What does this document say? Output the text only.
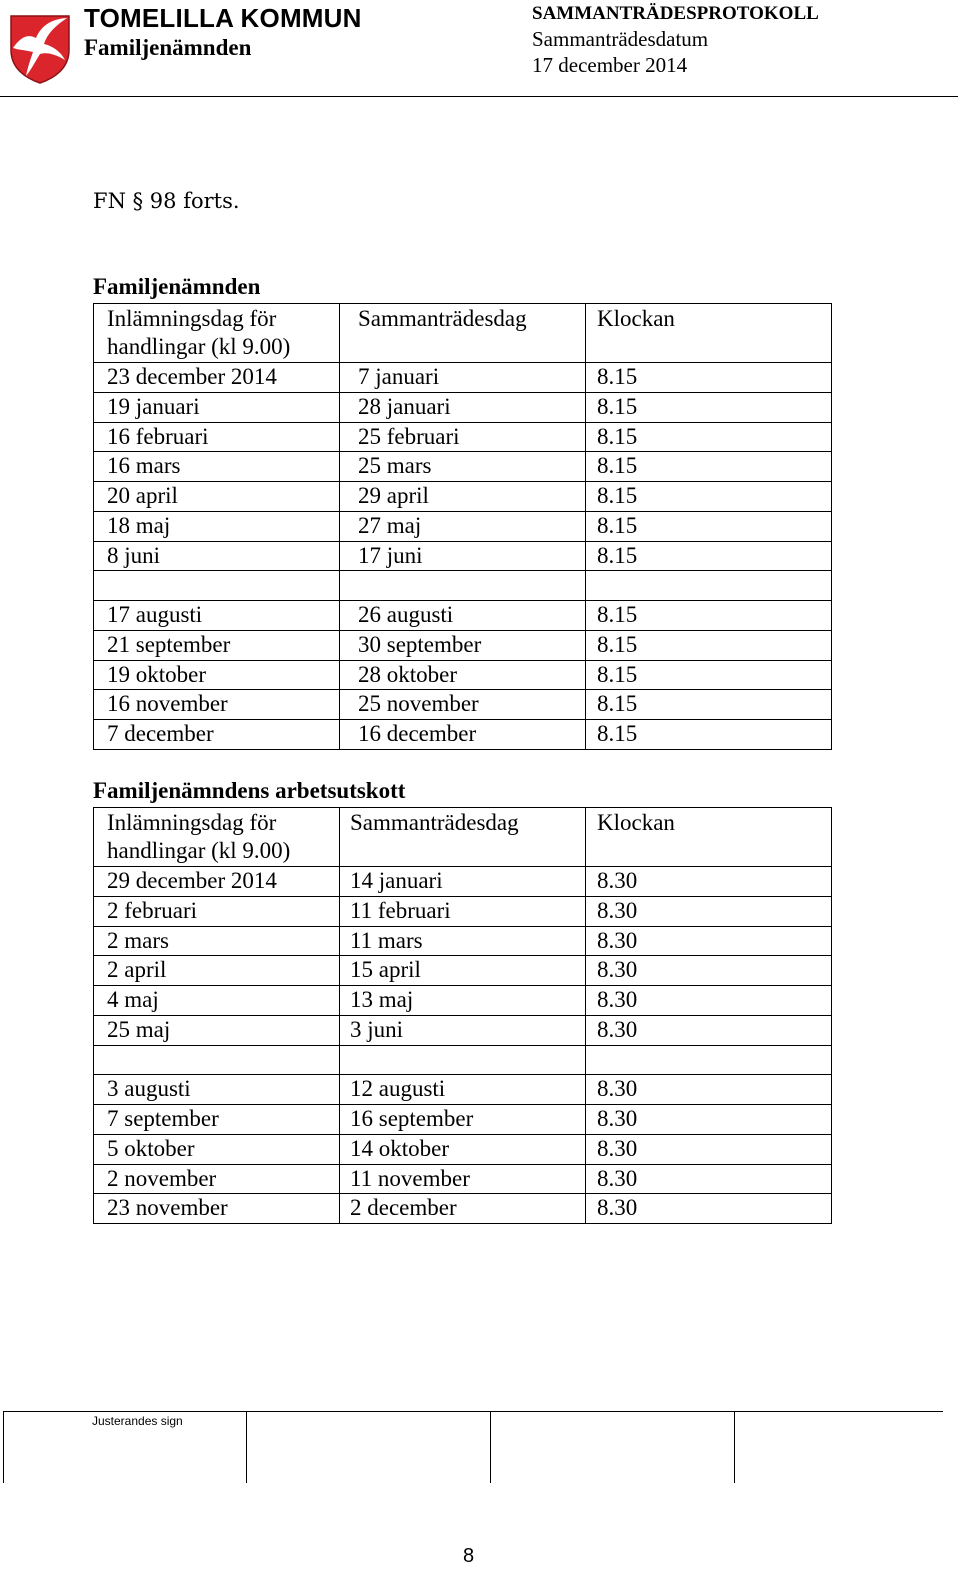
TOMELILLA KOMMUN
Familjenämnden
SAMMANTRÄDESPROTOKOLL
Sammanträdesdatum
17 december 2014
FN § 98 forts.
Familjenämnden
Inlämningsdag för handlingar (kl 9.00)	Sammanträdesdag	Klockan
23 december 2014	7 januari	8.15
19 januari	28 januari	8.15
16 februari	25 februari	8.15
16 mars	25 mars	8.15
20 april	29 april	8.15
18 maj	27 maj	8.15
8 juni	17 juni	8.15

17 augusti	26 augusti	8.15
21 september	30 september	8.15
19 oktober	28 oktober	8.15
16 november	25 november	8.15
7 december	16 december	8.15
Familjenämndens arbetsutskott
Inlämningsdag för handlingar (kl 9.00)	Sammanträdesdag	Klockan
29 december 2014	14 januari	8.30
2 februari	11 februari	8.30
2 mars	11 mars	8.30
2 april	15 april	8.30
4 maj	13 maj	8.30
25 maj	3 juni	8.30

3 augusti	12 augusti	8.30
7 september	16 september	8.30
5 oktober	14 oktober	8.30
2 november	11 november	8.30
23 november	2 december	8.30
Justerandes sign
8
